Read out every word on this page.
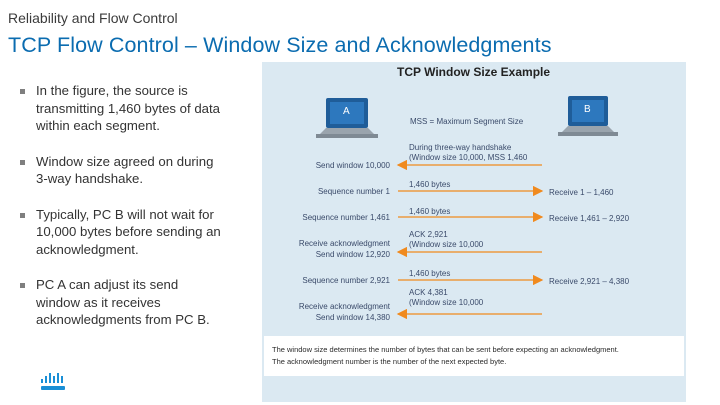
Reliability and Flow Control
TCP Flow Control – Window Size and Acknowledgments
In the figure, the source is transmitting 1,460 bytes of data within each segment.
Window size agreed on during 3-way handshake.
Typically, PC B will not wait for 10,000 bytes before sending an acknowledgment.
PC A can adjust its send window as it receives acknowledgments from PC B.
TCP Window Size Example
A	B
MSS = Maximum Segment Size
Send window 10,000
Sequence number 1
Sequence number 1,461
Receive acknowledgment
Send window 12,920
Sequence number 2,921
Receive acknowledgment
Send window 14,380
During three-way handshake
(Window size 10,000, MSS 1,460
1,460 bytes
1,460 bytes
ACK 2,921
(Window size 10,000
1,460 bytes
ACK 4,381
(Window size 10,000
Receive 1 – 1,460
Receive 1,461 – 2,920
Receive 2,921 – 4,380
The window size determines the number of bytes that can be sent before expecting an acknowledgment.
The acknowledgment number is the number of the next expected byte.
